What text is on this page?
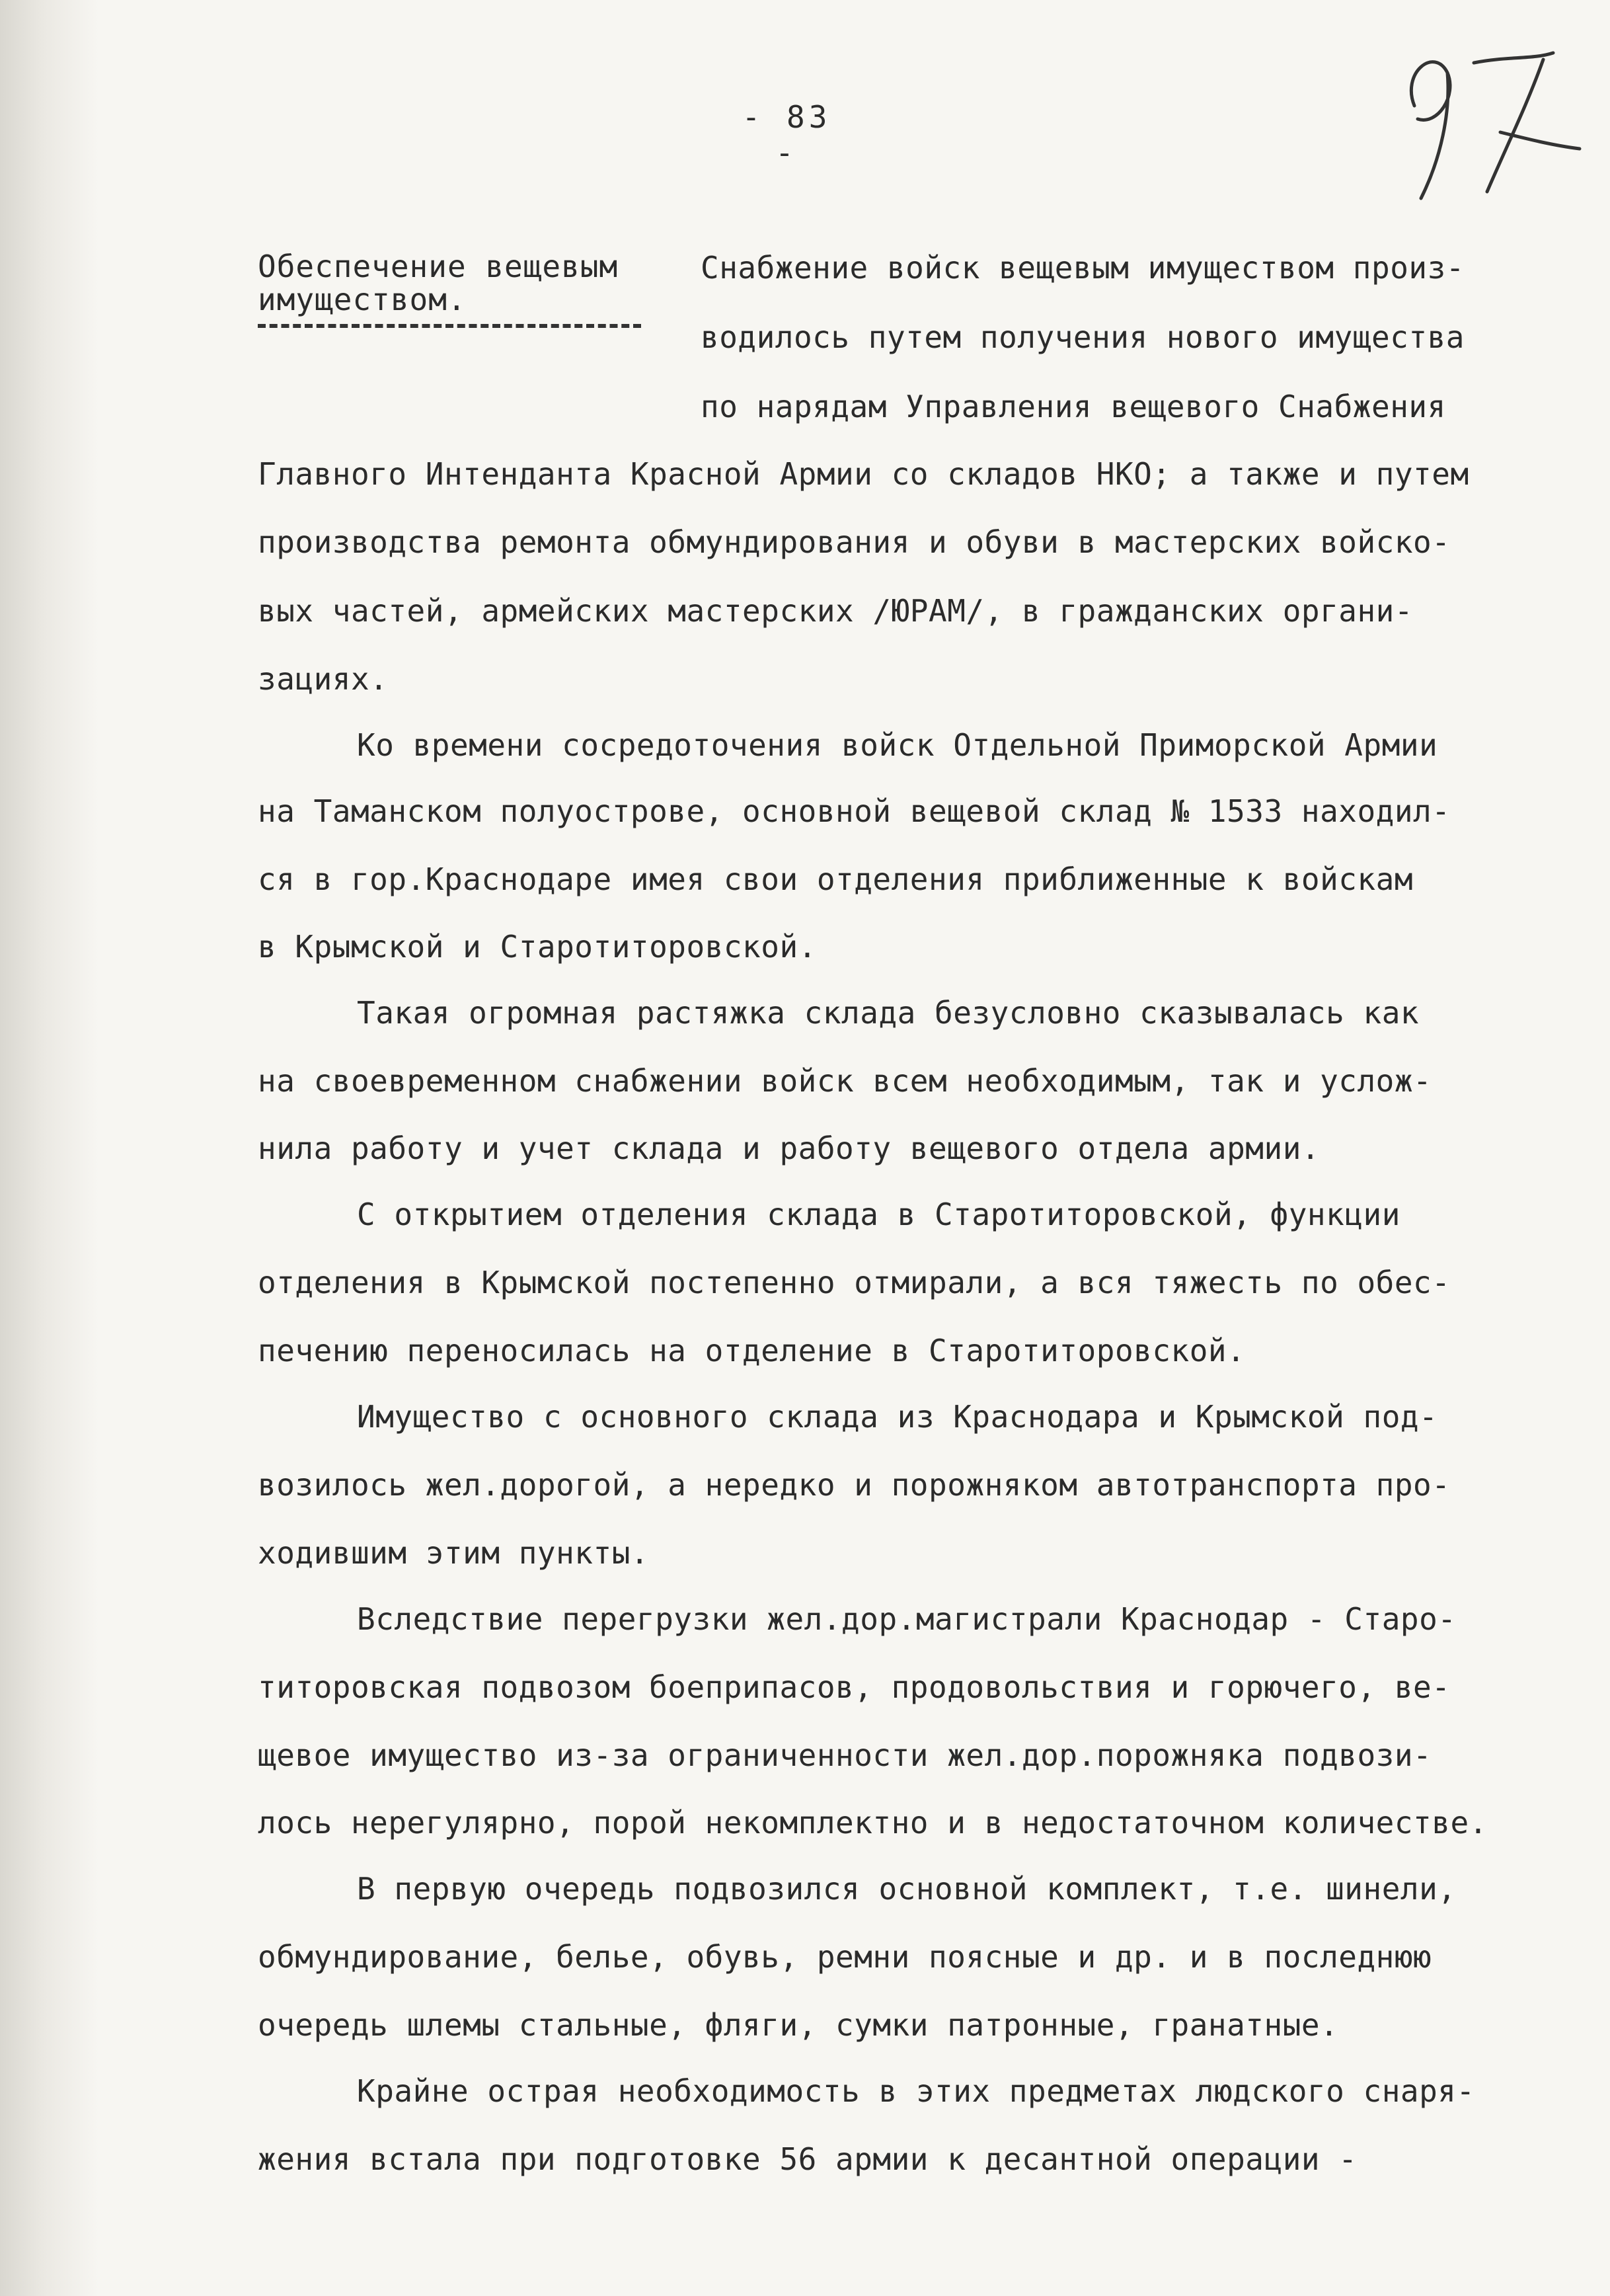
- 83 -
Обеспечение вещевым имуществом.
Снабжение войск вещевым имуществом произ-
водилось путем получения нового имущества
по нарядам Управления вещевого Снабжения
Главного Интенданта Красной Армии со складов НКО; а также и путем
производства ремонта обмундирования и обуви в мастерских войско-
вых частей, армейских мастерских /ЮРАМ/, в гражданских органи-
зациях.
Ко времени сосредоточения войск Отдельной Приморской Армии
на Таманском полуострове, основной вещевой склад № 1533 находил-
ся в гор.Краснодаре имея свои отделения приближенные к войскам
в Крымской и Старотиторовской.
Такая огромная растяжка склада безусловно сказывалась как
на своевременном снабжении войск всем необходимым, так и услож-
нила работу и учет склада и работу вещевого отдела армии.
С открытием отделения склада в Старотиторовской, функции
отделения в Крымской постепенно отмирали, а вся тяжесть по обес-
печению переносилась на отделение в Старотиторовской.
Имущество с основного склада из Краснодара и Крымской под-
возилось жел.дорогой, а нередко и порожняком автотранспорта про-
ходившим этим пункты.
Вследствие перегрузки жел.дор.магистрали Краснодар - Старо-
титоровская подвозом боеприпасов, продовольствия и горючего, ве-
щевое имущество из-за ограниченности жел.дор.порожняка подвози-
лось нерегулярно, порой некомплектно и в недостаточном количестве.
В первую очередь подвозился основной комплект, т.е. шинели,
обмундирование, белье, обувь, ремни поясные и др. и в последнюю
очередь шлемы стальные, фляги, сумки патронные, гранатные.
Крайне острая необходимость в этих предметах людского снаря-
жения встала при подготовке 56 армии к десантной операции -
